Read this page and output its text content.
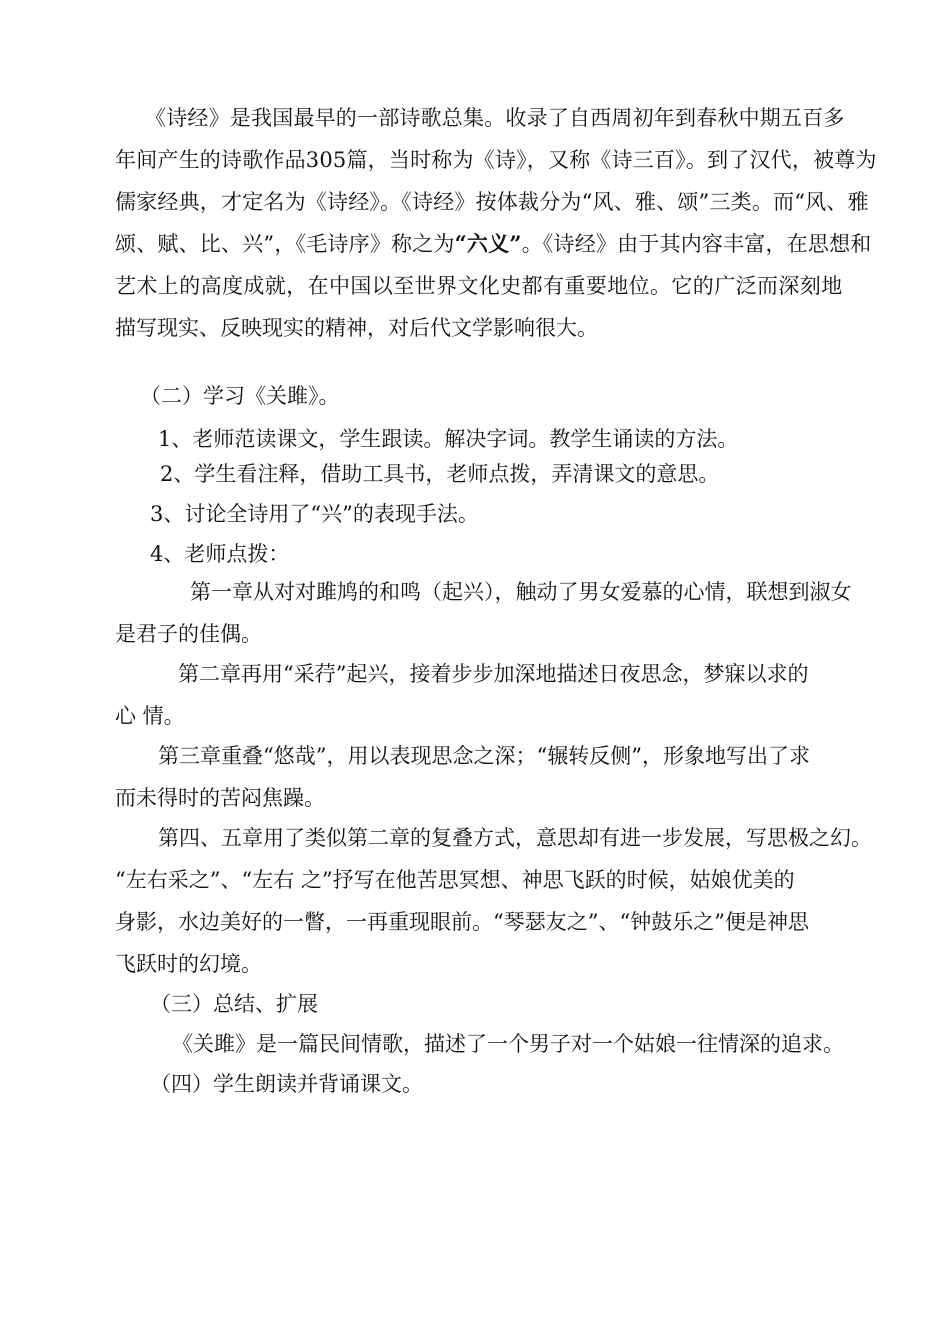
《诗经》是我国最早的一部诗歌总集。收录了自西周初年到春秋中期五百多
年间产生的诗歌作品305篇，当时称为《诗》，又称《诗三百》。到了汉代，被尊为
儒家经典，才定名为《诗经》。《诗经》按体裁分为“风、雅、颂”三类。而“风、雅
颂、赋、比、兴”，《毛诗序》称之为“六义”。《诗经》由于其内容丰富，在思想和
艺术上的高度成就，在中国以至世界文化史都有重要地位。它的广泛而深刻地
描写现实、反映现实的精神，对后代文学影响很大。
（二）学习《关雎》。
1、老师范读课文，学生跟读。解决字词。教学生诵读的方法。
2、学生看注释，借助工具书，老师点拨，弄清课文的意思。
3、讨论全诗用了“兴”的表现手法。
4、老师点拨：
第一章从对对雎鸠的和鸣（起兴），触动了男女爱慕的心情，联想到淑女
是君子的佳偶。
第二章再用“采荇”起兴，接着步步加深地描述日夜思念，梦寐以求的
心 情。
第三章重叠“悠哉”，用以表现思念之深；“辗转反侧”，形象地写出了求
而未得时的苦闷焦躁。
第四、五章用了类似第二章的复叠方式，意思却有进一步发展，写思极之幻。
“左右采之”、“左右 之”抒写在他苦思冥想、神思飞跃的时候，姑娘优美的
身影，水边美好的一瞥，一再重现眼前。“琴瑟友之”、“钟鼓乐之”便是神思
飞跃时的幻境。
（三）总结、扩展
《关雎》是一篇民间情歌，描述了一个男子对一个姑娘一往情深的追求。
（四）学生朗读并背诵课文。
